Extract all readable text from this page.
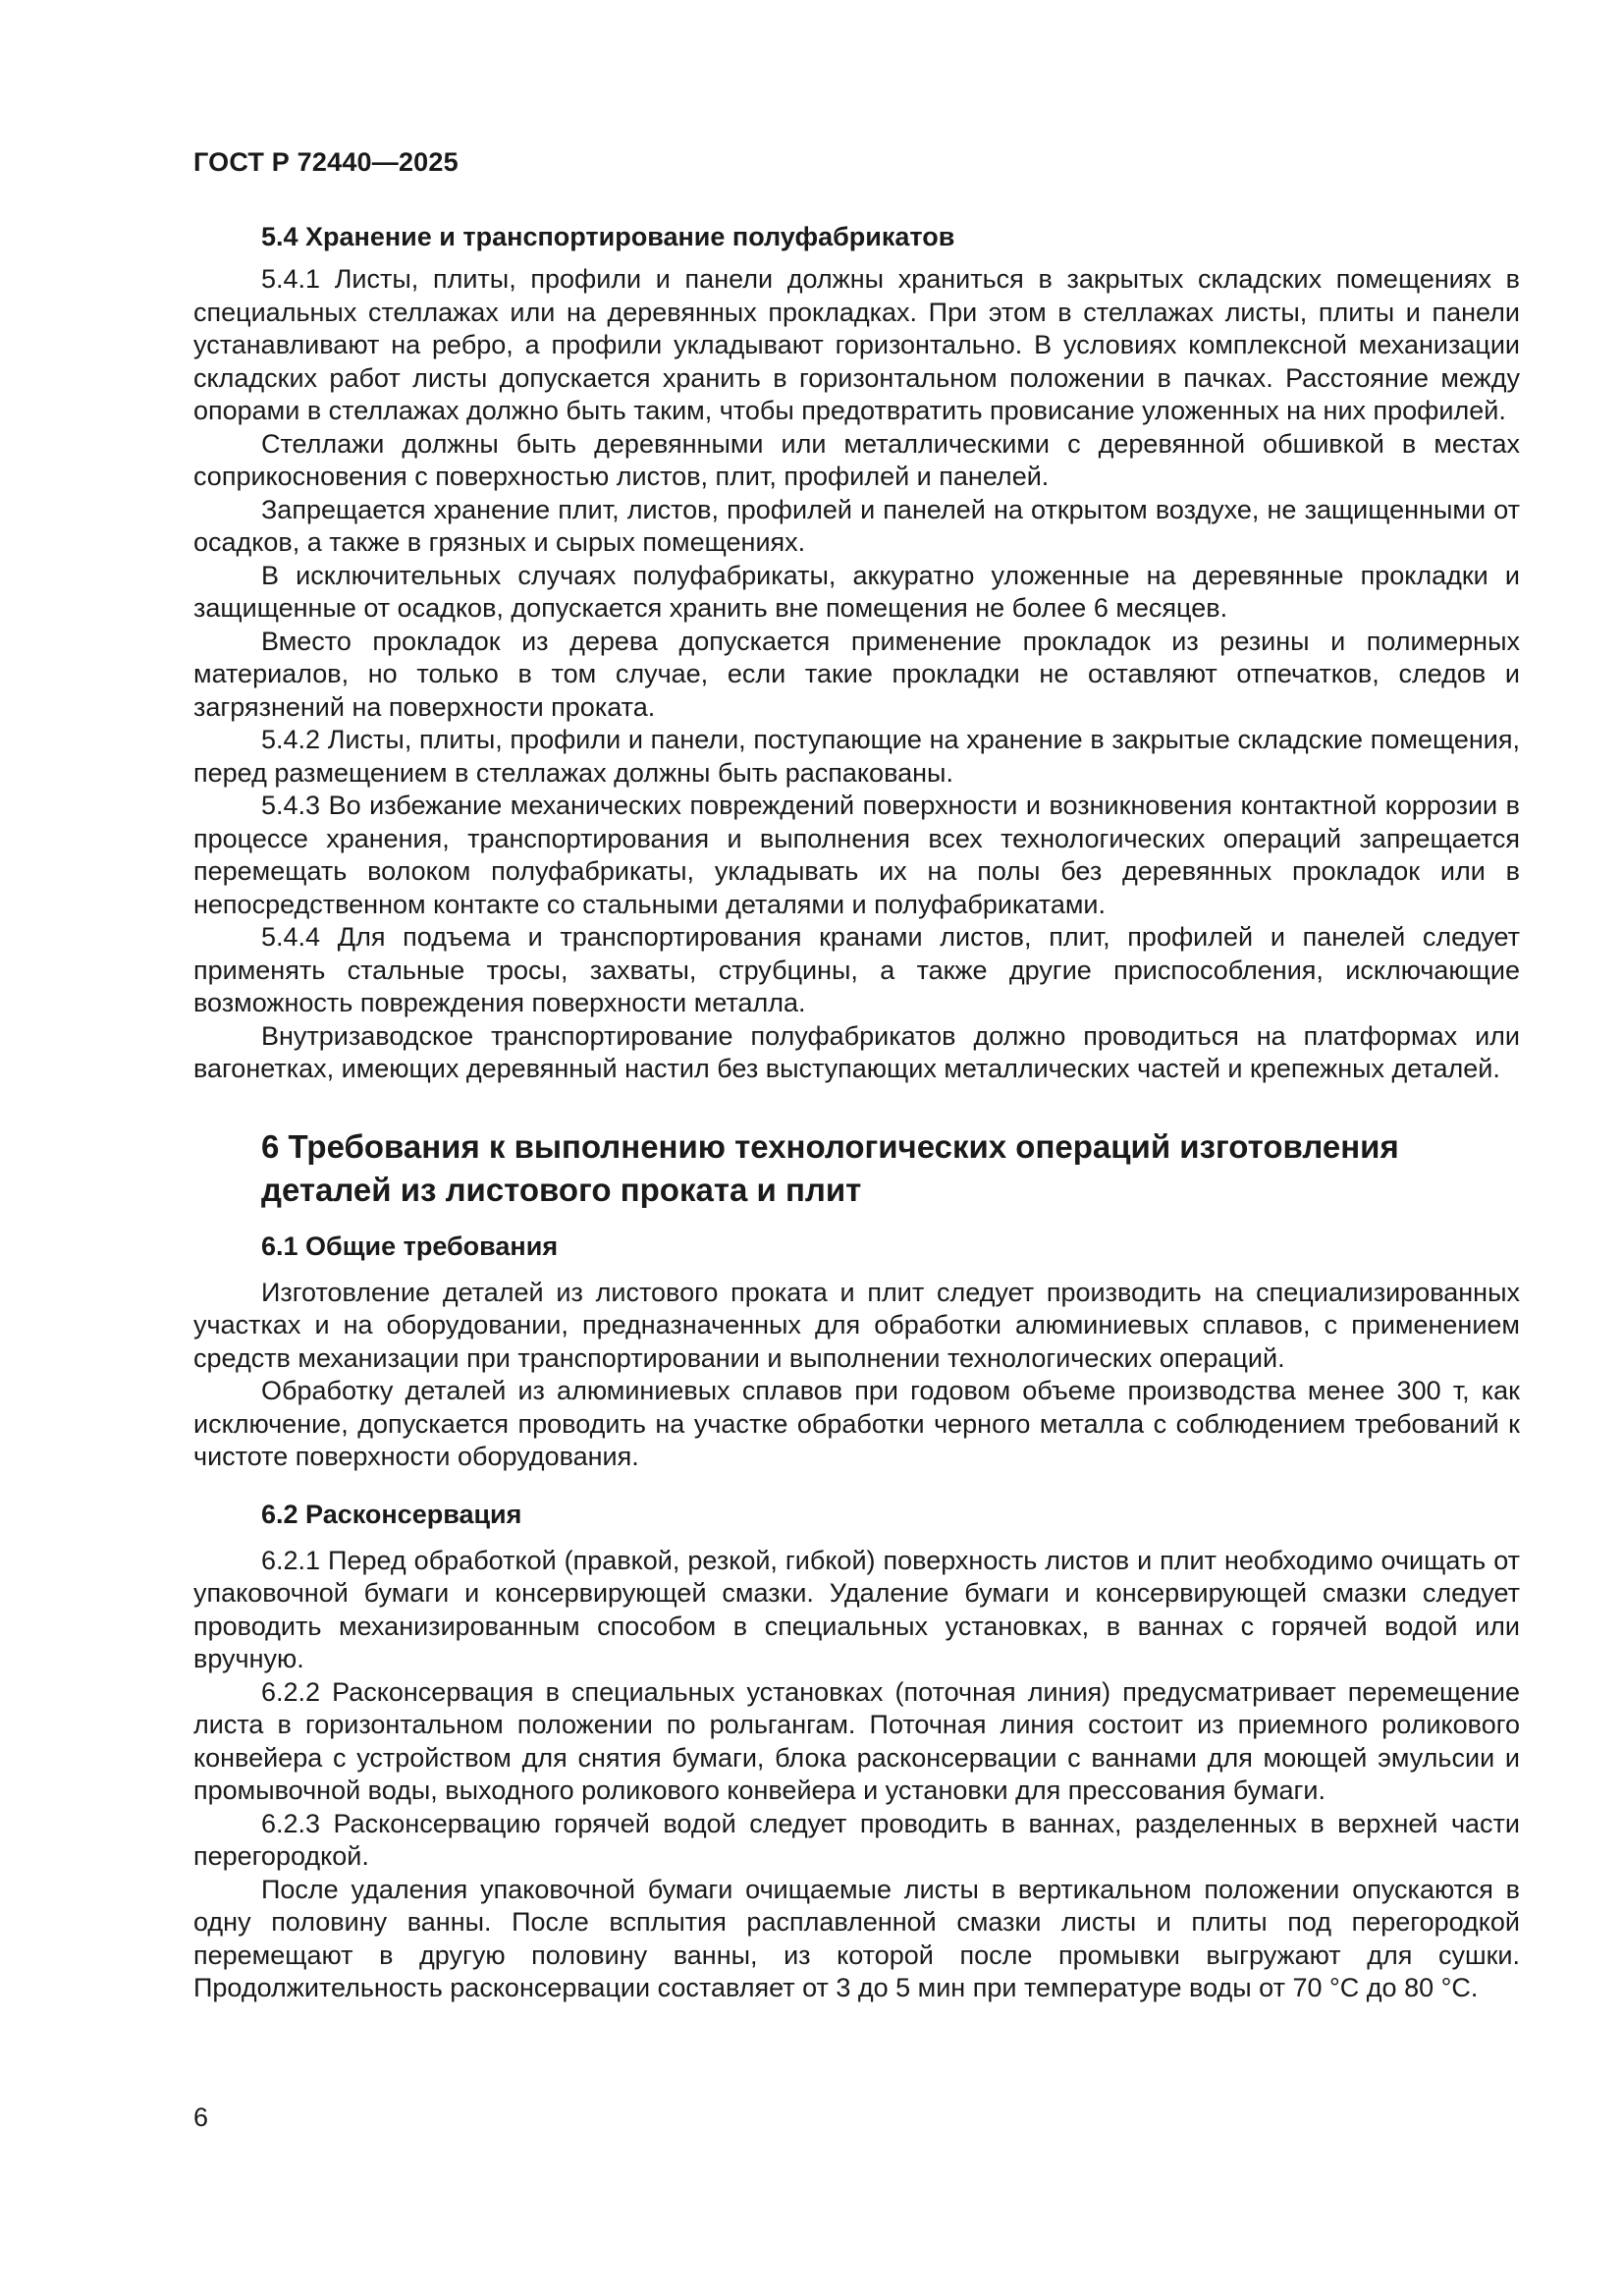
ГОСТ Р 72440—2025

5.4 Хранение и транспортирование полуфабрикатов

5.4.1 Листы, плиты, профили и панели должны храниться в закрытых складских помещениях в специальных стеллажах или на деревянных прокладках. При этом в стеллажах листы, плиты и панели устанавливают на ребро, а профили укладывают горизонтально. В условиях комплексной механизации складских работ листы допускается хранить в горизонтальном положении в пачках. Расстояние между опорами в стеллажах должно быть таким, чтобы предотвратить провисание уложенных на них профилей.

Стеллажи должны быть деревянными или металлическими с деревянной обшивкой в местах соприкосновения с поверхностью листов, плит, профилей и панелей.

Запрещается хранение плит, листов, профилей и панелей на открытом воздухе, не защищенными от осадков, а также в грязных и сырых помещениях.

В исключительных случаях полуфабрикаты, аккуратно уложенные на деревянные прокладки и защищенные от осадков, допускается хранить вне помещения не более 6 месяцев.

Вместо прокладок из дерева допускается применение прокладок из резины и полимерных материалов, но только в том случае, если такие прокладки не оставляют отпечатков, следов и загрязнений на поверхности проката.

5.4.2 Листы, плиты, профили и панели, поступающие на хранение в закрытые складские помещения, перед размещением в стеллажах должны быть распакованы.

5.4.3 Во избежание механических повреждений поверхности и возникновения контактной коррозии в процессе хранения, транспортирования и выполнения всех технологических операций запрещается перемещать волоком полуфабрикаты, укладывать их на полы без деревянных прокладок или в непосредственном контакте со стальными деталями и полуфабрикатами.

5.4.4 Для подъема и транспортирования кранами листов, плит, профилей и панелей следует применять стальные тросы, захваты, струбцины, а также другие приспособления, исключающие возможность повреждения поверхности металла.

Внутризаводское транспортирование полуфабрикатов должно проводиться на платформах или вагонетках, имеющих деревянный настил без выступающих металлических частей и крепежных деталей.

6 Требования к выполнению технологических операций изготовления

деталей из листового проката и плит

6.1 Общие требования

Изготовление деталей из листового проката и плит следует производить на специализированных участках и на оборудовании, предназначенных для обработки алюминиевых сплавов, с применением средств механизации при транспортировании и выполнении технологических операций.

Обработку деталей из алюминиевых сплавов при годовом объеме производства менее 300 т, как исключение, допускается проводить на участке обработки черного металла с соблюдением требований к чистоте поверхности оборудования.

6.2 Расконсервация

6.2.1 Перед обработкой (правкой, резкой, гибкой) поверхность листов и плит необходимо очищать от упаковочной бумаги и консервирующей смазки. Удаление бумаги и консервирующей смазки следует проводить механизированным способом в специальных установках, в ваннах с горячей водой или вручную.

6.2.2 Расконсервация в специальных установках (поточная линия) предусматривает перемещение листа в горизонтальном положении по рольгангам. Поточная линия состоит из приемного роликового конвейера с устройством для снятия бумаги, блока расконсервации с ваннами для моющей эмульсии и промывочной воды, выходного роликового конвейера и установки для прессования бумаги.

6.2.3 Расконсервацию горячей водой следует проводить в ваннах, разделенных в верхней части перегородкой.

После удаления упаковочной бумаги очищаемые листы в вертикальном положении опускаются в одну половину ванны. После всплытия расплавленной смазки листы и плиты под перегородкой перемещают в другую половину ванны, из которой после промывки выгружают для сушки. Продолжительность расконсервации составляет от 3 до 5 мин при температуре воды от 70 °С до 80 °С.

6
